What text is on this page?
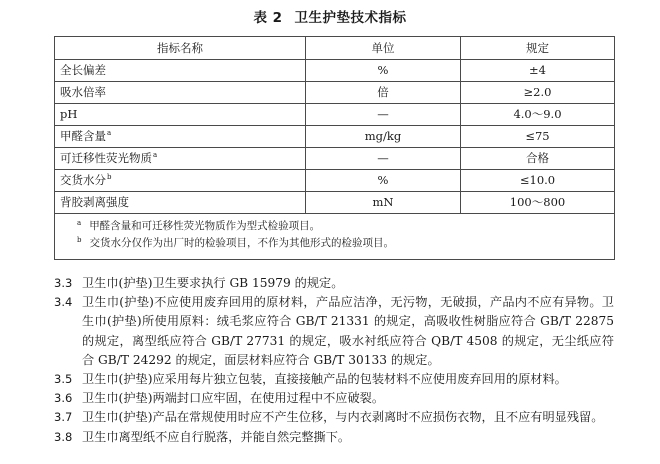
表 2 卫生护垫技术指标
指标名称	单位	规定
全长偏差	%	±4
吸水倍率	倍	≥2.0
pH	—	4.0～9.0
甲醛含量$^a$	mg/kg	≤75
可迁移性荧光物质$^a$	—	合格
交货水分$^b$	%	≤10.0
背胶剥离强度	mN	100～800

$^a$ 甲醛含量和可迁移性荧光物质作为型式检验项目。
$^b$ 交货水分仅作为出厂时的检验项目，不作为其他形式的检验项目。		
3.3 卫生巾(护垫)卫生要求执行 GB 15979 的规定。
3.4 卫生巾(护垫)不应使用废弃回用的原材料，产品应洁净，无污物，无破损，产品内不应有异物。卫生巾(护垫)所使用原料：绒毛浆应符合 GB/T 21331 的规定，高吸收性树脂应符合 GB/T 22875 的规定，离型纸应符合 GB/T 27731 的规定，吸水衬纸应符合 QB/T 4508 的规定，无尘纸应符合 GB/T 24292 的规定，面层材料应符合 GB/T 30133 的规定。
3.5 卫生巾(护垫)应采用每片独立包装，直接接触产品的包装材料不应使用废弃回用的原材料。
3.6 卫生巾(护垫)两端封口应牢固，在使用过程中不应破裂。
3.7 卫生巾(护垫)产品在常规使用时应不产生位移，与内衣剥离时不应损伤衣物，且不应有明显残留。
3.8 卫生巾离型纸不应自行脱落，并能自然完整撕下。
